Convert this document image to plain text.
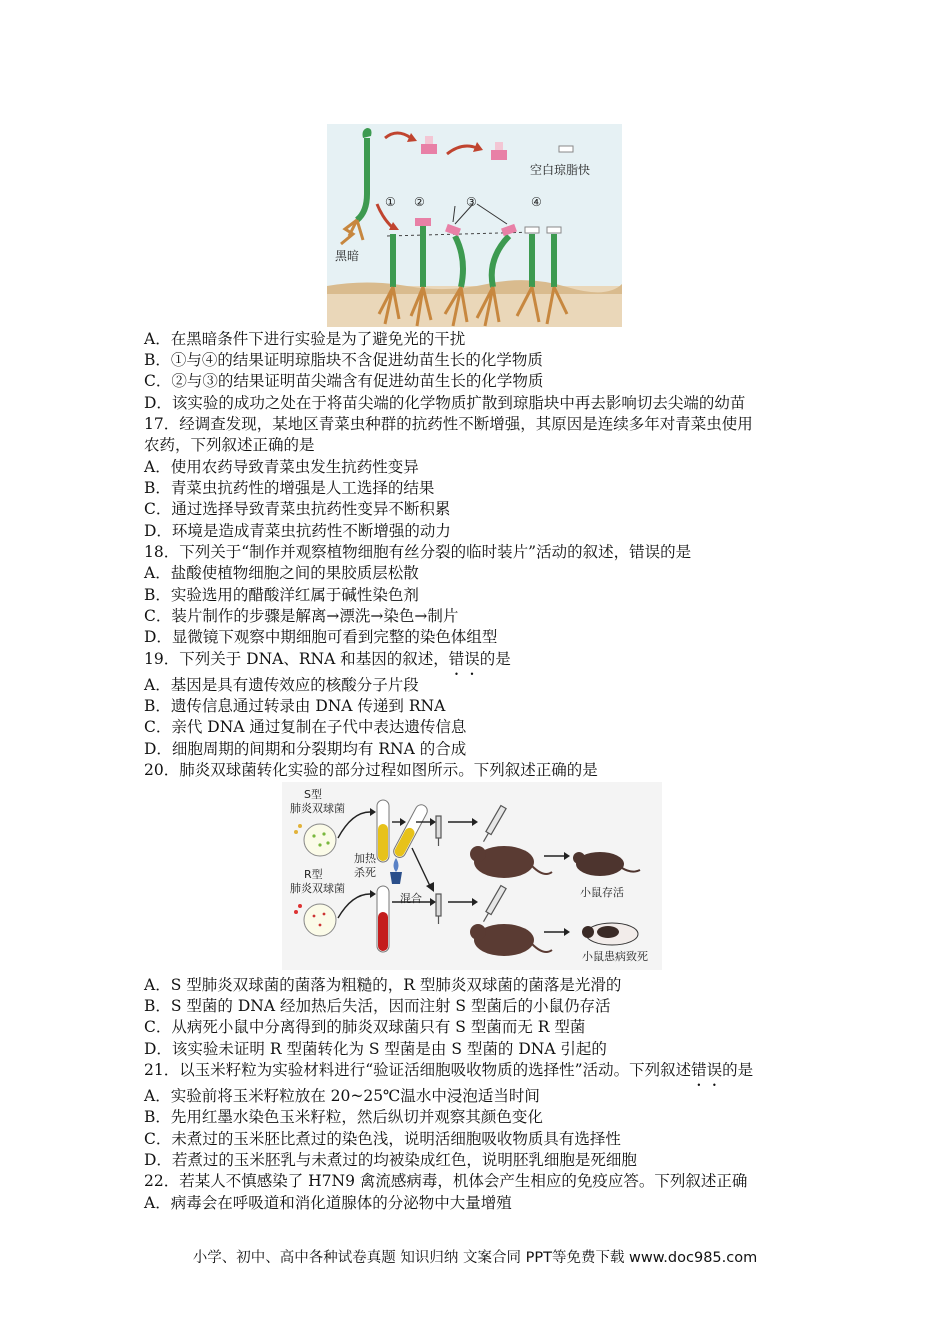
空白琼脂快
① ②	③	④
黑暗
A．在黑暗条件下进行实验是为了避免光的干扰
B．①与④的结果证明琼脂块不含促进幼苗生长的化学物质
C．②与③的结果证明苗尖端含有促进幼苗生长的化学物质
D．该实验的成功之处在于将苗尖端的化学物质扩散到琼脂块中再去影响切去尖端的幼苗
17．经调查发现，某地区青菜虫种群的抗药性不断增强，其原因是连续多年对青菜虫使用
农药，下列叙述正确的是
A．使用农药导致青菜虫发生抗药性变异
B．青菜虫抗药性的增强是人工选择的结果
C．通过选择导致青菜虫抗药性变异不断积累
D．环境是造成青菜虫抗药性不断增强的动力
18．下列关于“制作并观察植物细胞有丝分裂的临时装片”活动的叙述，错误的是
A．盐酸使植物细胞之间的果胶质层松散
B．实验选用的醋酸洋红属于碱性染色剂
C．装片制作的步骤是解离→漂洗→染色→制片
D．显微镜下观察中期细胞可看到完整的染色体组型
19．下列关于 DNA、RNA 和基因的叙述，错误的是
A．基因是具有遗传效应的核酸分子片段
B．遗传信息通过转录由 DNA 传递到 RNA
C．亲代 DNA 通过复制在子代中表达遗传信息
D．细胞周期的间期和分裂期均有 RNA 的合成
20．肺炎双球菌转化实验的部分过程如图所示。下列叙述正确的是
S型
肺炎双球菌
R型
肺炎双球菌
加热
杀死
混合	小鼠存活
小鼠患病致死
A．S 型肺炎双球菌的菌落为粗糙的，R 型肺炎双球菌的菌落是光滑的
B．S 型菌的 DNA 经加热后失活，因而注射 S 型菌后的小鼠仍存活
C．从病死小鼠中分离得到的肺炎双球菌只有 S 型菌而无 R 型菌
D．该实验未证明 R 型菌转化为 S 型菌是由 S 型菌的 DNA 引起的
21．以玉米籽粒为实验材料进行“验证活细胞吸收物质的选择性”活动。下列叙述错误的是
A．实验前将玉米籽粒放在 20~25℃温水中浸泡适当时间
B．先用红墨水染色玉米籽粒，然后纵切并观察其颜色变化
C．未煮过的玉米胚比煮过的染色浅，说明活细胞吸收物质具有选择性
D．若煮过的玉米胚乳与未煮过的均被染成红色，说明胚乳细胞是死细胞
22．若某人不慎感染了 H7N9 禽流感病毒，机体会产生相应的免疫应答。下列叙述正确
A．病毒会在呼吸道和消化道腺体的分泌物中大量增殖
小学、初中、高中各种试卷真题 知识归纳 文案合同 PPT等免费下载 www.doc985.com
